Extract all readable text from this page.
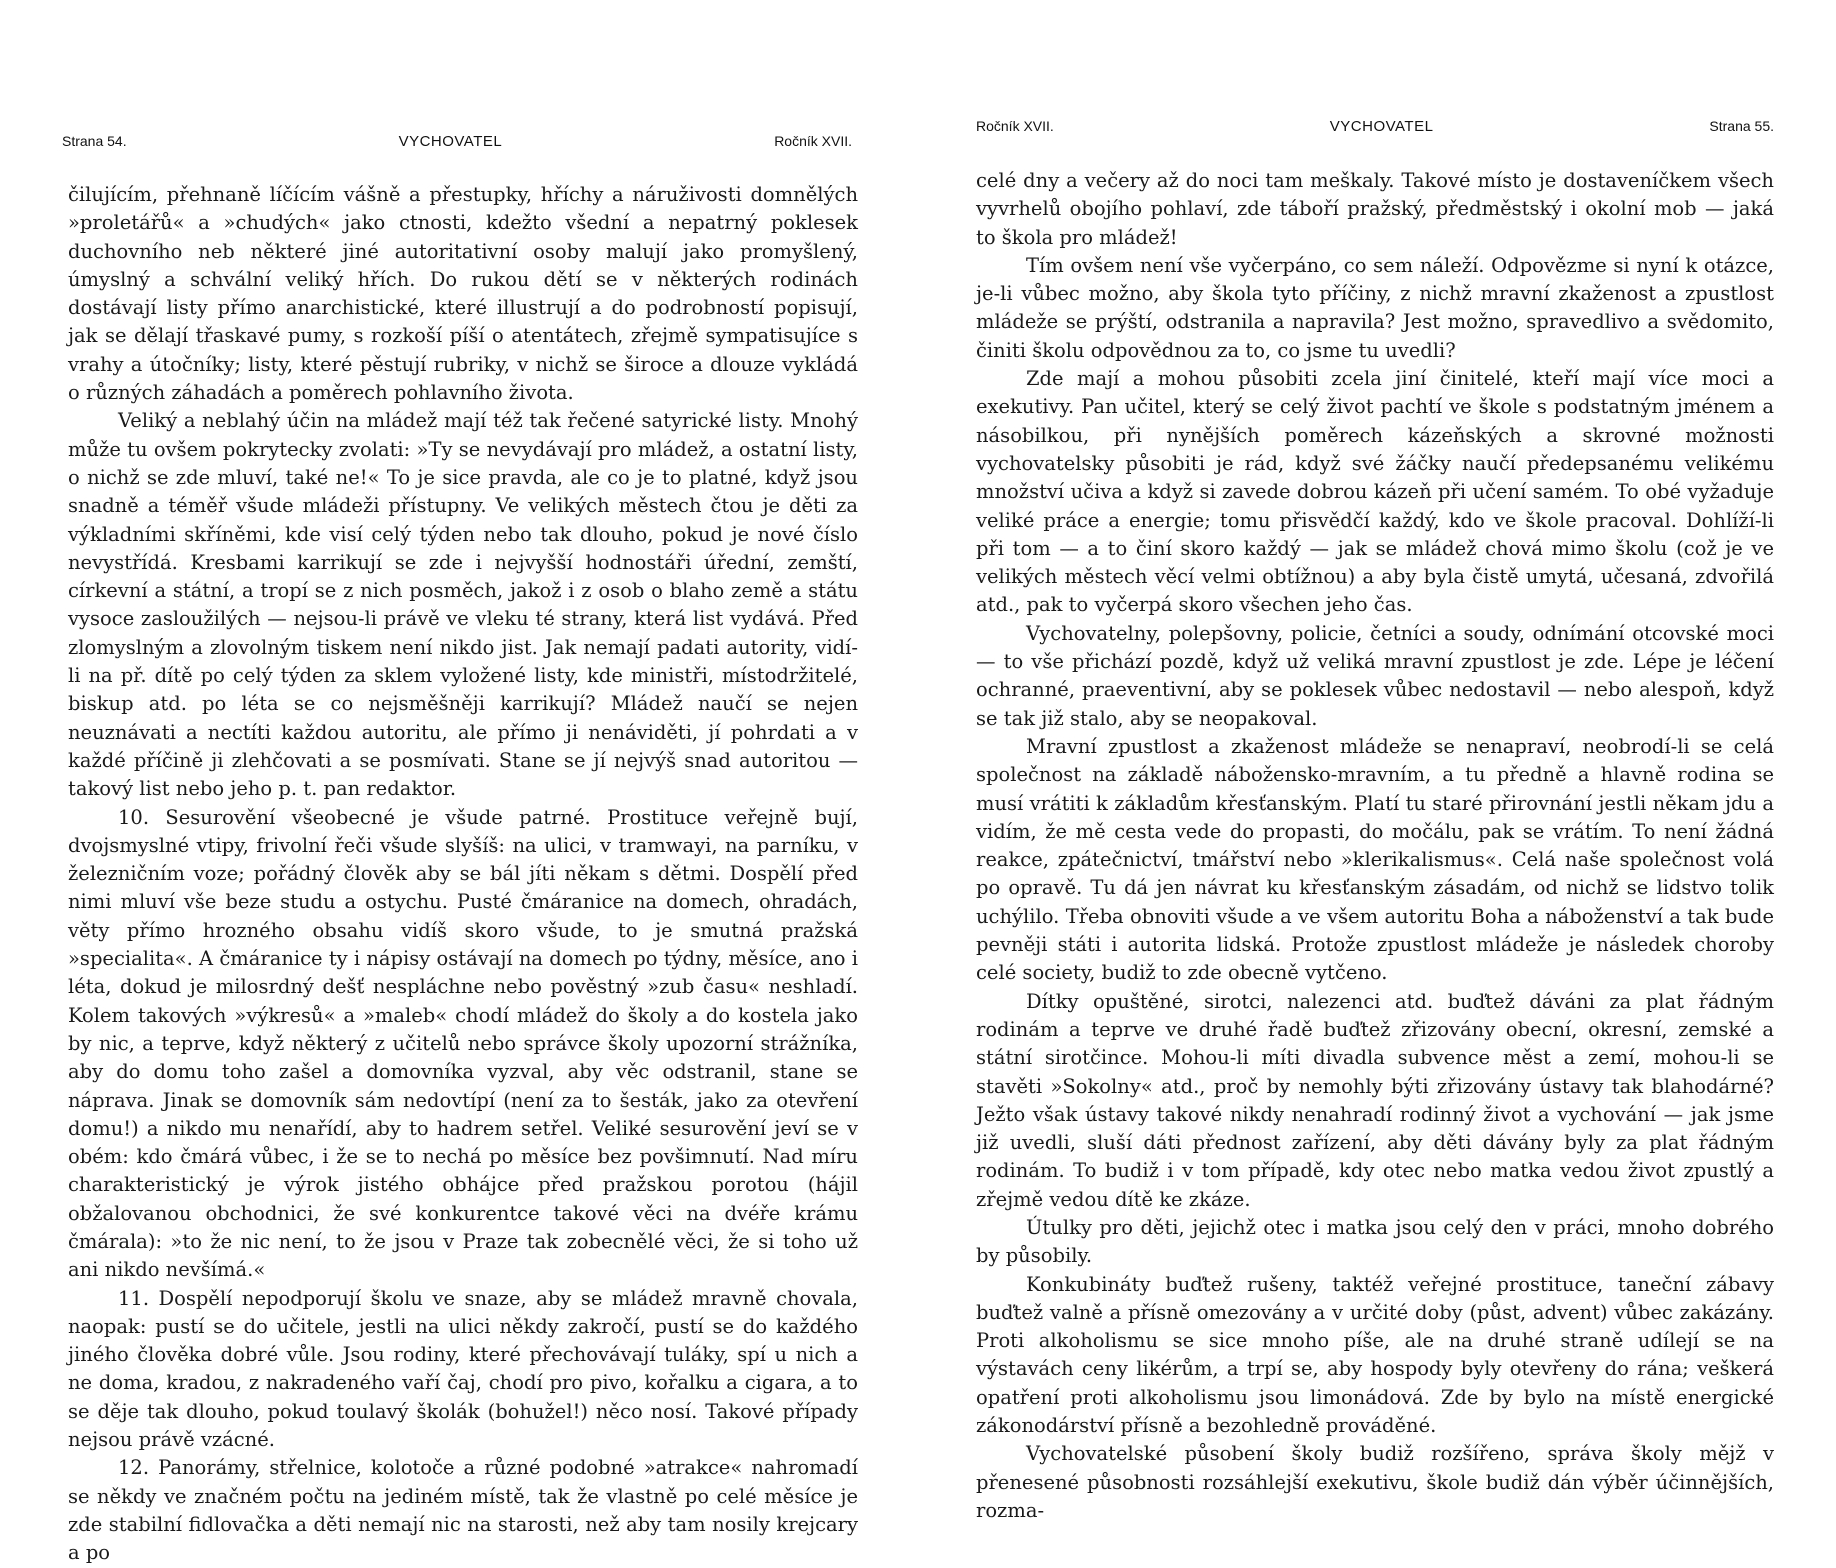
Strana 54.	VYCHOVATEL	Ročník XVII.

čilujícím, přehnaně líčícím vášně a přestupky, hříchy a náruživosti domnělých »proletářů« a »chudých« jako ctnosti, kdežto všední a nepatrný poklesek duchovního neb některé jiné autoritativní osoby malují jako promyšlený, úmyslný a schvální veliký hřích. Do rukou dětí se v některých rodinách dostávají listy přímo anarchistické, které illustrují a do podrobností popisují, jak se dělají třaskavé pumy, s rozkoší píší o atentátech, zřejmě sympatisujíce s vrahy a útočníky; listy, které pěstují rubriky, v nichž se široce a dlouze vykládá o různých záhadách a poměrech pohlavního života.

Veliký a neblahý účin na mládež mají též tak řečené satyrické listy. Mnohý může tu ovšem pokrytecky zvolati: »Ty se nevydávají pro mládež, a ostatní listy, o nichž se zde mluví, také ne!« To je sice pravda, ale co je to platné, když jsou snadně a téměř všude mládeži přístupny. Ve velikých městech čtou je děti za výkladními skříněmi, kde visí celý týden nebo tak dlouho, pokud je nové číslo nevystřídá. Kresbami karrikují se zde i nejvyšší hodnostáři úřední, zemští, církevní a státní, a tropí se z nich posměch, jakož i z osob o blaho země a státu vysoce zasloužilých — nejsou-li právě ve vleku té strany, která list vydává. Před zlomyslným a zlovolným tiskem není nikdo jist. Jak nemají padati autority, vidí-li na př. dítě po celý týden za sklem vyložené listy, kde ministři, místodržitelé, biskup atd. po léta se co nejsměšněji karrikují? Mládež naučí se nejen neuznávati a nectíti každou autoritu, ale přímo ji nenáviděti, jí pohrdati a v každé příčině ji zlehčovati a se posmívati. Stane se jí nejvýš snad autoritou — takový list nebo jeho p. t. pan redaktor.

10. Sesurovění všeobecné je všude patrné. Prostituce veřejně bují, dvojsmyslné vtipy, frivolní řeči všude slyšíš: na ulici, v tramwayi, na parníku, v železničním voze; pořádný člověk aby se bál jíti někam s dětmi. Dospělí před nimi mluví vše beze studu a ostychu. Pusté čmáranice na domech, ohradách, věty přímo hrozného obsahu vidíš skoro všude, to je smutná pražská »specialita«. A čmáranice ty i nápisy ostávají na domech po týdny, měsíce, ano i léta, dokud je milosrdný dešť nespláchne nebo pověstný »zub času« neshladí. Kolem takových »výkresů« a »maleb« chodí mládež do školy a do kostela jako by nic, a teprve, když některý z učitelů nebo správce školy upozorní strážníka, aby do domu toho zašel a domovníka vyzval, aby věc odstranil, stane se náprava. Jinak se domovník sám nedovtípí (není za to šesták, jako za otevření domu!) a nikdo mu nenařídí, aby to hadrem setřel. Veliké sesurovění jeví se v obém: kdo čmárá vůbec, i že se to nechá po měsíce bez povšimnutí. Nad míru charakteristický je výrok jistého obhájce před pražskou porotou (hájil obžalovanou obchodnici, že své konkurentce takové věci na dvéře krámu čmárala): »to že nic není, to že jsou v Praze tak zobecnělé věci, že si toho už ani nikdo nevšímá.«

11. Dospělí nepodporují školu ve snaze, aby se mládež mravně chovala, naopak: pustí se do učitele, jestli na ulici někdy zakročí, pustí se do každého jiného člověka dobré vůle. Jsou rodiny, které přechovávají tuláky, spí u nich a ne doma, kradou, z nakradeného vaří čaj, chodí pro pivo, kořalku a cigara, a to se děje tak dlouho, pokud toulavý školák (bohužel!) něco nosí. Takové případy nejsou právě vzácné.

12. Panorámy, střelnice, kolotoče a různé podobné »atrakce« nahromadí se někdy ve značném počtu na jediném místě, tak že vlastně po celé měsíce je zde stabilní fidlovačka a děti nemají nic na starosti, než aby tam nosily krejcary a po

Ročník XVII.	VYCHOVATEL	Strana 55.

celé dny a večery až do noci tam meškaly. Takové místo je dostaveníčkem všech vyvrhelů obojího pohlaví, zde táboří pražský, předměstský i okolní mob — jaká to škola pro mládež!

Tím ovšem není vše vyčerpáno, co sem náleží. Odpovězme si nyní k otázce, je-li vůbec možno, aby škola tyto příčiny, z nichž mravní zkaženost a zpustlost mládeže se prýští, odstranila a napravila? Jest možno, spravedlivo a svědomito, činiti školu odpovědnou za to, co jsme tu uvedli?

Zde mají a mohou působiti zcela jiní činitelé, kteří mají více moci a exekutivy. Pan učitel, který se celý život pachtí ve škole s podstatným jménem a násobilkou, při nynějších poměrech kázeňských a skrovné možnosti vychovatelsky působiti je rád, když své žáčky naučí předepsanému velikému množství učiva a když si zavede dobrou kázeň při učení samém. To obé vyžaduje veliké práce a energie; tomu přisvědčí každý, kdo ve škole pracoval. Dohlíží-li při tom — a to činí skoro každý — jak se mládež chová mimo školu (což je ve velikých městech věcí velmi obtížnou) a aby byla čistě umytá, učesaná, zdvořilá atd., pak to vyčerpá skoro všechen jeho čas.

Vychovatelny, polepšovny, policie, četníci a soudy, odnímání otcovské moci — to vše přichází pozdě, když už veliká mravní zpustlost je zde. Lépe je léčení ochranné, praeventivní, aby se poklesek vůbec nedostavil — nebo alespoň, když se tak již stalo, aby se neopakoval.

Mravní zpustlost a zkaženost mládeže se nenapraví, neobrodí-li se celá společnost na základě nábožensko-mravním, a tu předně a hlavně rodina se musí vrátiti k základům křesťanským. Platí tu staré přirovnání jestli někam jdu a vidím, že mě cesta vede do propasti, do močálu, pak se vrátím. To není žádná reakce, zpátečnictví, tmářství nebo »klerikalismus«. Celá naše společnost volá po opravě. Tu dá jen návrat ku křesťanským zásadám, od nichž se lidstvo tolik uchýlilo. Třeba obnoviti všude a ve všem autoritu Boha a náboženství a tak bude pevněji státi i autorita lidská. Protože zpustlost mládeže je následek choroby celé society, budiž to zde obecně vytčeno.

Dítky opuštěné, sirotci, nalezenci atd. buďtež dáváni za plat řádným rodinám a teprve ve druhé řadě buďtež zřizovány obecní, okresní, zemské a státní sirotčince. Mohou-li míti divadla subvence měst a zemí, mohou-li se stavěti »Sokolny« atd., proč by nemohly býti zřizovány ústavy tak blahodárné? Ježto však ústavy takové nikdy nenahradí rodinný život a vychování — jak jsme již uvedli, sluší dáti přednost zařízení, aby děti dávány byly za plat řádným rodinám. To budiž i v tom případě, kdy otec nebo matka vedou život zpustlý a zřejmě vedou dítě ke zkáze.

Útulky pro děti, jejichž otec i matka jsou celý den v práci, mnoho dobrého by působily.

Konkubináty buďtež rušeny, taktéž veřejné prostituce, taneční zábavy buďtež valně a přísně omezovány a v určité doby (půst, advent) vůbec zakázány. Proti alkoholismu se sice mnoho píše, ale na druhé straně udílejí se na výstavách ceny likérům, a trpí se, aby hospody byly otevřeny do rána; veškerá opatření proti alkoholismu jsou limonádová. Zde by bylo na místě energické zákonodárství přísně a bezohledně prováděné.

Vychovatelské působení školy budiž rozšířeno, správa školy mějž v přenesené působnosti rozsáhlejší exekutivu, škole budiž dán výběr účinnějších, rozma-
